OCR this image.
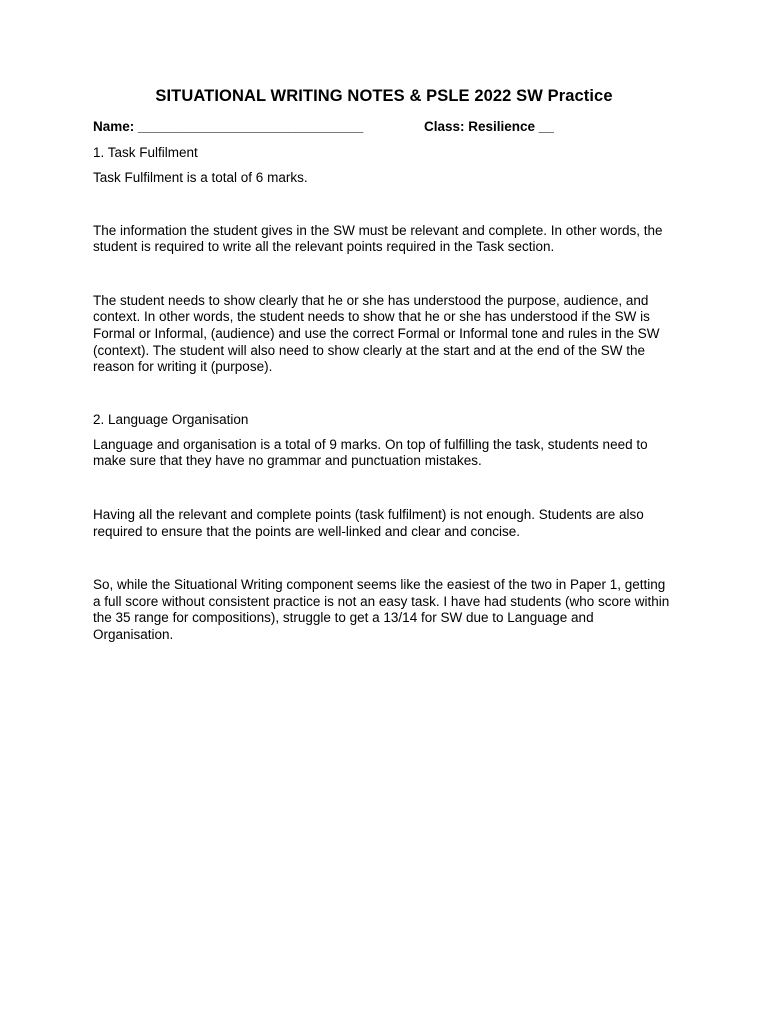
SITUATIONAL WRITING NOTES & PSLE 2022 SW Practice
Name: ______________________________	Class: Resilience __
1. Task Fulfilment

Task Fulfilment is a total of 6 marks.

The information the student gives in the SW must be relevant and complete. In other words, the student is required to write all the relevant points required in the Task section.

The student needs to show clearly that he or she has understood the purpose, audience, and context. In other words, the student needs to show that he or she has understood if the SW is Formal or Informal, (audience) and use the correct Formal or Informal tone and rules in the SW (context). The student will also need to show clearly at the start and at the end of the SW the reason for writing it (purpose).

2. Language Organisation

Language and organisation is a total of 9 marks. On top of fulfilling the task, students need to make sure that they have no grammar and punctuation mistakes.

Having all the relevant and complete points (task fulfilment) is not enough. Students are also required to ensure that the points are well-linked and clear and concise.

So, while the Situational Writing component seems like the easiest of the two in Paper 1, getting a full score without consistent practice is not an easy task. I have had students (who score within the 35 range for compositions), struggle to get a 13/14 for SW due to Language and Organisation.
